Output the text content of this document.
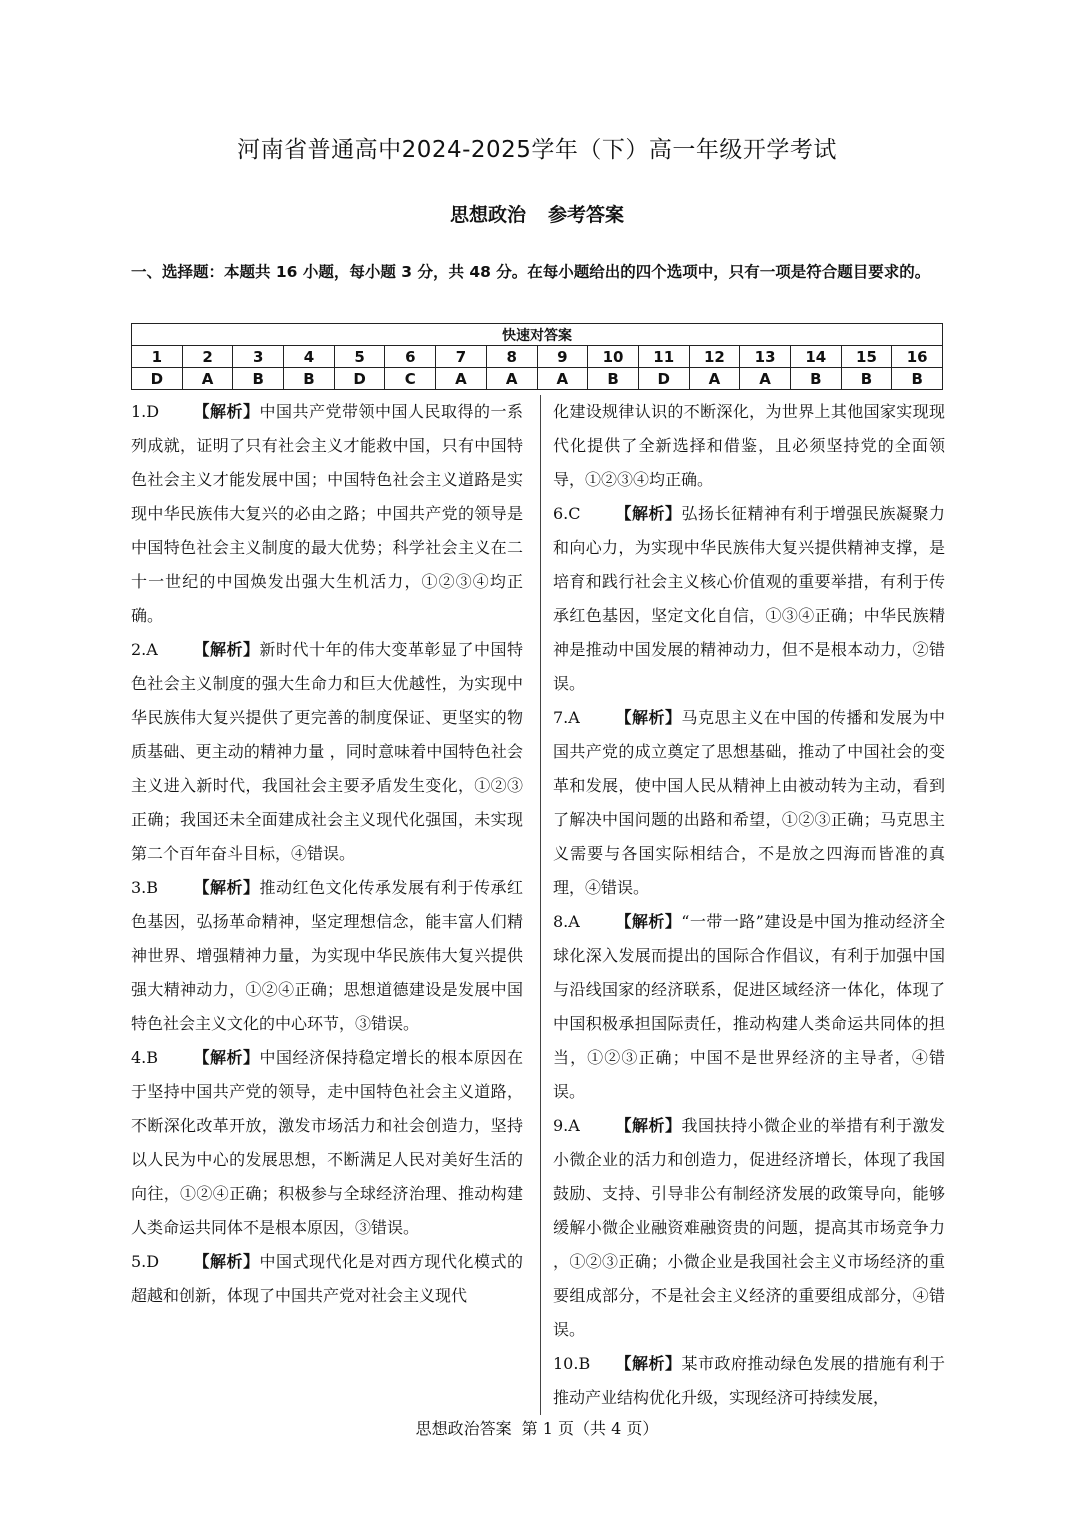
河南省普通高中2024-2025学年（下）高一年级开学考试
思想政治 参考答案
一、选择题：本题共 16 小题，每小题 3 分，共 48 分。在每小题给出的四个选项中，只有一项是符合题目要求的。
快速对答案															
1	2	3	4	5	6	7	8	9	10	11	12	13	14	15	16
D	A	B	B	D	C	A	A	A	B	D	A	A	B	B	B

1.D 【解析】中国共产党带领中国人民取得的一系列成就，证明了只有社会主义才能救中国，只有中国特色社会主义才能发展中国；中国特色社会主义道路是实现中华民族伟大复兴的必由之路；中国共产党的领导是中国特色社会主义制度的最大优势；科学社会主义在二十一世纪的中国焕发出强大生机活力，①②③④均正确。

2.A 【解析】新时代十年的伟大变革彰显了中国特色社会主义制度的强大生命力和巨大优越性，为实现中华民族伟大复兴提供了更完善的制度保证、更坚实的物质基础、更主动的精神力量 ，同时意味着中国特色社会主义进入新时代，我国社会主要矛盾发生变化，①②③正确；我国还未全面建成社会主义现代化强国，未实现第二个百年奋斗目标，④错误。

3.B 【解析】推动红色文化传承发展有利于传承红色基因，弘扬革命精神，坚定理想信念，能丰富人们精神世界、增强精神力量，为实现中华民族伟大复兴提供强大精神动力，①②④正确；思想道德建设是发展中国特色社会主义文化的中心环节，③错误。

4.B 【解析】中国经济保持稳定增长的根本原因在于坚持中国共产党的领导，走中国特色社会主义道路，不断深化改革开放，激发市场活力和社会创造力，坚持以人民为中心的发展思想，不断满足人民对美好生活的向往，①②④正确；积极参与全球经济治理、推动构建人类命运共同体不是根本原因，③错误。

5.D 【解析】中国式现代化是对西方现代化模式的超越和创新，体现了中国共产党对社会主义现代

化建设规律认识的不断深化，为世界上其他国家实现现代化提供了全新选择和借鉴，且必须坚持党的全面领导，①②③④均正确。

6.C 【解析】弘扬长征精神有利于增强民族凝聚力和向心力，为实现中华民族伟大复兴提供精神支撑，是培育和践行社会主义核心价值观的重要举措，有利于传承红色基因，坚定文化自信，①③④正确；中华民族精神是推动中国发展的精神动力，但不是根本动力，②错误。

7.A 【解析】马克思主义在中国的传播和发展为中国共产党的成立奠定了思想基础，推动了中国社会的变革和发展，使中国人民从精神上由被动转为主动，看到了解决中国问题的出路和希望，①②③正确；马克思主义需要与各国实际相结合，不是放之四海而皆准的真理，④错误。

8.A 【解析】“一带一路”建设是中国为推动经济全球化深入发展而提出的国际合作倡议，有利于加强中国与沿线国家的经济联系，促进区域经济一体化，体现了中国积极承担国际责任，推动构建人类命运共同体的担当，①②③正确；中国不是世界经济的主导者，④错误。

9.A 【解析】我国扶持小微企业的举措有利于激发小微企业的活力和创造力，促进经济增长，体现了我国鼓励、支持、引导非公有制经济发展的政策导向，能够缓解小微企业融资难融资贵的问题，提高其市场竞争力 ，①②③正确；小微企业是我国社会主义市场经济的重要组成部分，不是社会主义经济的重要组成部分，④错误。

10.B 【解析】某市政府推动绿色发展的措施有利于推动产业结构优化升级，实现经济可持续发展，

思想政治答案 第 1 页（共 4 页）
